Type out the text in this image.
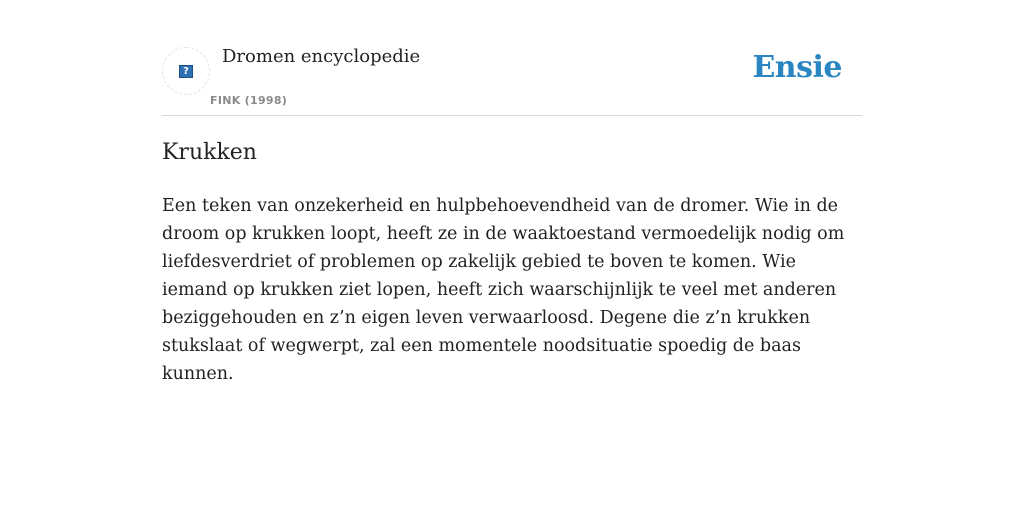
?
Dromen encyclopedie
FINK (1998)
Ensie
Krukken

Een teken van onzekerheid en hulpbehoevendheid van de dromer. Wie in de droom op krukken loopt, heeft ze in de waaktoestand vermoedelijk nodig om liefdesverdriet of problemen op zakelijk gebied te boven te komen. Wie iemand op krukken ziet lopen, heeft zich waarschijnlijk te veel met anderen beziggehouden en z’n eigen leven verwaarloosd. Degene die z’n krukken stukslaat of wegwerpt, zal een momentele noodsituatie spoedig de baas kunnen.
